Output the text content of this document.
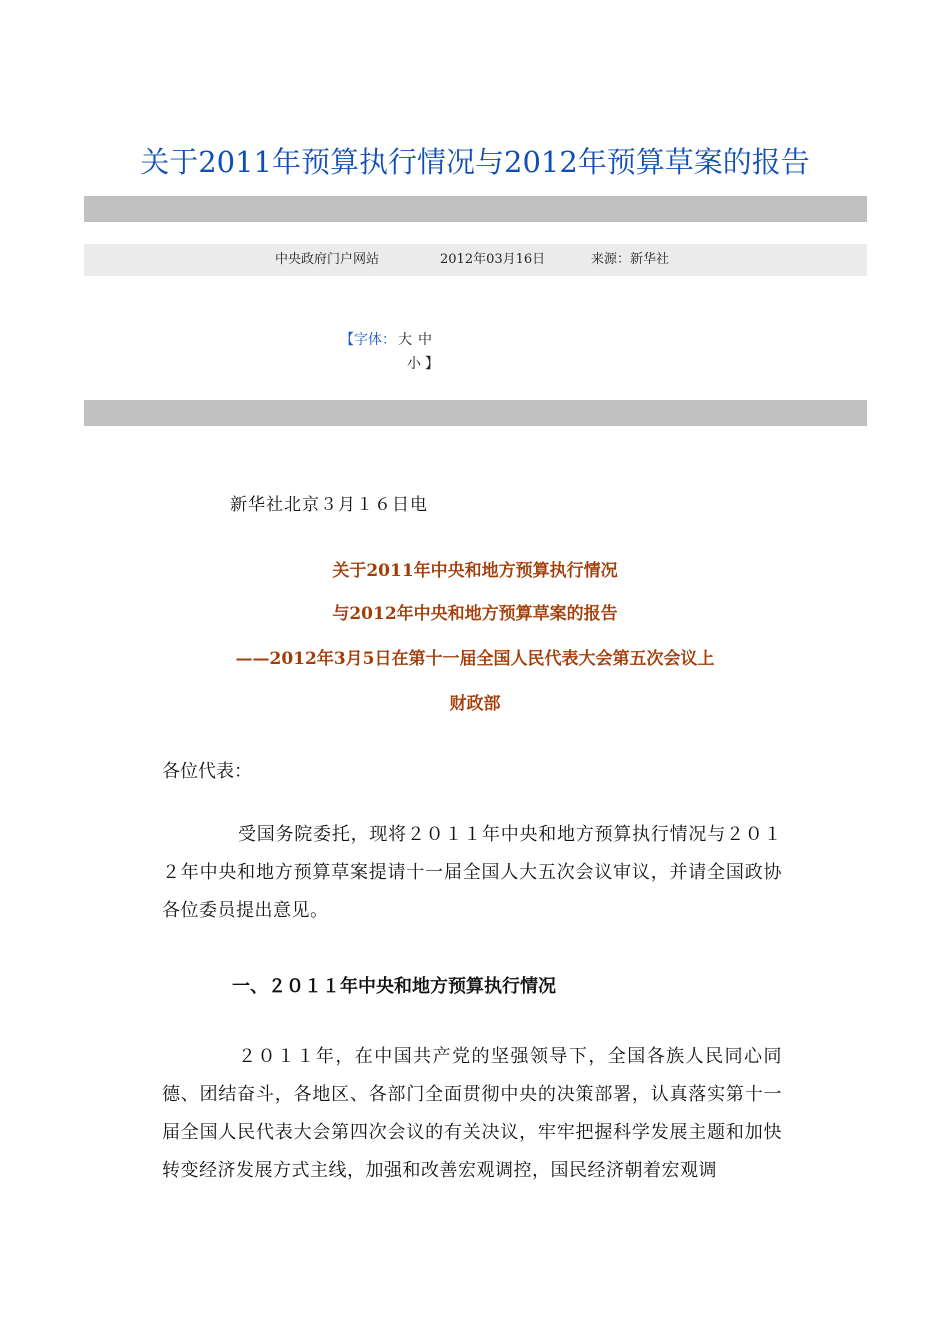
关于2011年预算执行情况与2012年预算草案的报告
中央政府门户网站	2012年03月16日	来源：新华社
【字体： 大 中
小 】
新华社北京３月１６日电
关于2011年中央和地方预算执行情况
与2012年中央和地方预算草案的报告
——2012年3月5日在第十一届全国人民代表大会第五次会议上
财政部
各位代表：
受国务院委托，现将２０１１年中央和地方预算执行情况与２０１２年中央和地方预算草案提请十一届全国人大五次会议审议，并请全国政协各位委员提出意见。
一、２０１１年中央和地方预算执行情况
２０１１年，在中国共产党的坚强领导下，全国各族人民同心同德、团结奋斗，各地区、各部门全面贯彻中央的决策部署，认真落实第十一届全国人民代表大会第四次会议的有关决议，牢牢把握科学发展主题和加快转变经济发展方式主线，加强和改善宏观调控，国民经济朝着宏观调
